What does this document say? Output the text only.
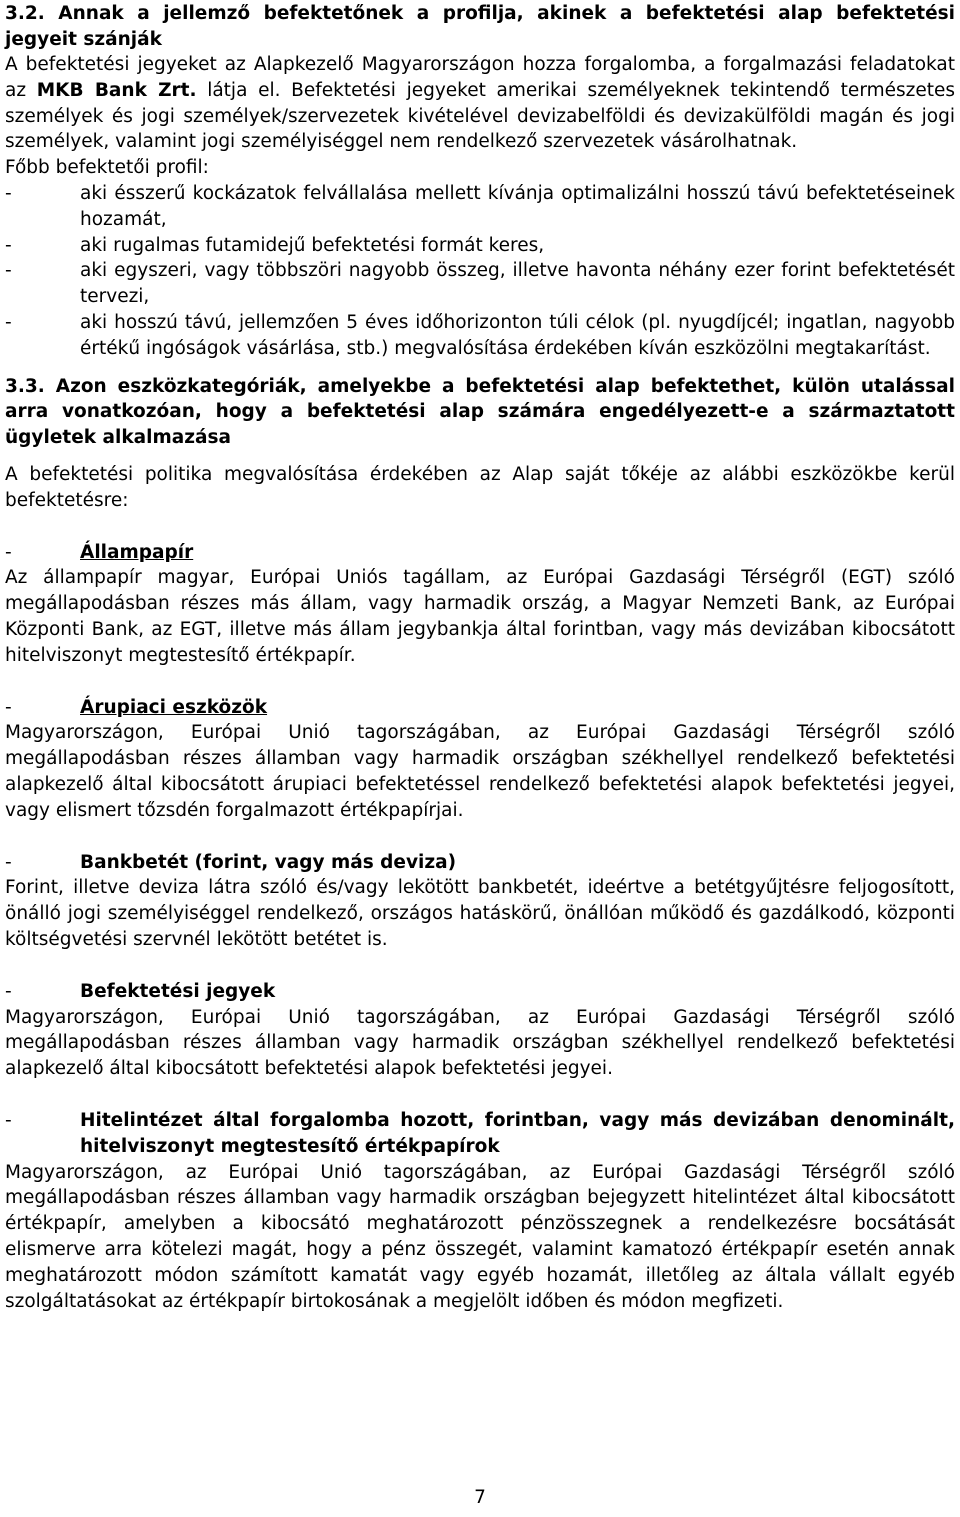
3.2. Annak a jellemző befektetőnek a profilja, akinek a befektetési alap befektetési jegyeit szánják

A befektetési jegyeket az Alapkezelő Magyarországon hozza forgalomba, a forgalmazási feladatokat az MKB Bank Zrt. látja el. Befektetési jegyeket amerikai személyeknek tekintendő természetes személyek és jogi személyek/szervezetek kivételével devizabelföldi és devizakülföldi magán és jogi személyek, valamint jogi személyiséggel nem rendelkező szervezetek vásárolhatnak.

Főbb befektetői profil:

-	aki ésszerű kockázatok felvállalása mellett kívánja optimalizálni hosszú távú befektetéseinek hozamát,
-	aki rugalmas futamidejű befektetési formát keres,
-	aki egyszeri, vagy többszöri nagyobb összeg, illetve havonta néhány ezer forint befektetését tervezi,
-	aki hosszú távú, jellemzően 5 éves időhorizonton túli célok (pl. nyugdíjcél; ingatlan, nagyobb értékű ingóságok vásárlása, stb.) megvalósítása érdekében kíván eszközölni megtakarítást.

3.3. Azon eszközkategóriák, amelyekbe a befektetési alap befektethet, külön utalással arra vonatkozóan, hogy a befektetési alap számára engedélyezett-e a származtatott ügyletek alkalmazása

A befektetési politika megvalósítása érdekében az Alap saját tőkéje az alábbi eszközökbe kerül befektetésre:

-	Állampapír

Az állampapír magyar, Európai Uniós tagállam, az Európai Gazdasági Térségről (EGT) szóló megállapodásban részes más állam, vagy harmadik ország, a Magyar Nemzeti Bank, az Európai Központi Bank, az EGT, illetve más állam jegybankja által forintban, vagy más devizában kibocsátott hitelviszonyt megtestesítő értékpapír.

-	Árupiaci eszközök

Magyarországon, Európai Unió tagországában, az Európai Gazdasági Térségről szóló megállapodásban részes államban vagy harmadik országban székhellyel rendelkező befektetési alapkezelő által kibocsátott árupiaci befektetéssel rendelkező befektetési alapok befektetési jegyei, vagy elismert tőzsdén forgalmazott értékpapírjai.

-	Bankbetét (forint, vagy más deviza)

Forint, illetve deviza látra szóló és/vagy lekötött bankbetét, ideértve a betétgyűjtésre feljogosított, önálló jogi személyiséggel rendelkező, országos hatáskörű, önállóan működő és gazdálkodó, központi költségvetési szervnél lekötött betétet is.

-	Befektetési jegyek

Magyarországon, Európai Unió tagországában, az Európai Gazdasági Térségről szóló megállapodásban részes államban vagy harmadik országban székhellyel rendelkező befektetési alapkezelő által kibocsátott befektetési alapok befektetési jegyei.

-	Hitelintézet által forgalomba hozott, forintban, vagy más devizában denominált, hitelviszonyt megtestesítő értékpapírok

Magyarországon, az Európai Unió tagországában, az Európai Gazdasági Térségről szóló megállapodásban részes államban vagy harmadik országban bejegyzett hitelintézet által kibocsátott értékpapír, amelyben a kibocsátó meghatározott pénzösszegnek a rendelkezésre bocsátását elismerve arra kötelezi magát, hogy a pénz összegét, valamint kamatozó értékpapír esetén annak meghatározott módon számított kamatát vagy egyéb hozamát, illetőleg az általa vállalt egyéb szolgáltatásokat az értékpapír birtokosának a megjelölt időben és módon megfizeti.

7
